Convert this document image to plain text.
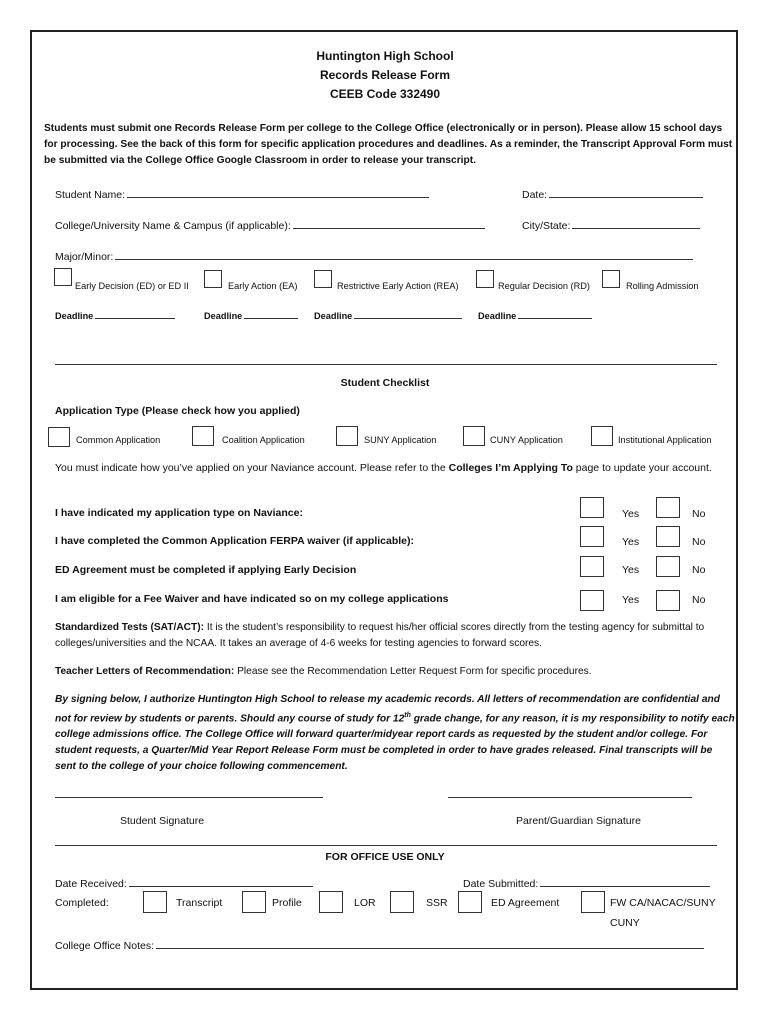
Huntington High School
Records Release Form
CEEB Code 332490
Students must submit one Records Release Form per college to the College Office (electronically or in person). Please allow 15 school days for processing. See the back of this form for specific application procedures and deadlines. As a reminder, the Transcript Approval Form must be submitted via the College Office Google Classroom in order to release your transcript.
Student Name:	Date:
College/University Name & Campus (if applicable):	City/State:
Major/Minor:
Early Decision (ED) or ED II	Early Action (EA)	Restrictive Early Action (REA)	Regular Decision (RD)	Rolling Admission
Deadline	Deadline	Deadline	Deadline
Student Checklist
Application Type (Please check how you applied)
Common Application	Coalition Application	SUNY Application	CUNY Application	Institutional Application
You must indicate how you’ve applied on your Naviance account. Please refer to the Colleges I’m Applying To page to update your account.
I have indicated my application type on Naviance:	Yes	No
I have completed the Common Application FERPA waiver (if applicable):	Yes	No
ED Agreement must be completed if applying Early Decision	Yes	No
I am eligible for a Fee Waiver and have indicated so on my college applications	Yes	No
Standardized Tests (SAT/ACT): It is the student’s responsibility to request his/her official scores directly from the testing agency for submittal to colleges/universities and the NCAA. It takes an average of 4-6 weeks for testing agencies to forward scores.
Teacher Letters of Recommendation: Please see the Recommendation Letter Request Form for specific procedures.
By signing below, I authorize Huntington High School to release my academic records. All letters of recommendation are confidential and not for review by students or parents. Should any course of study for 12th grade change, for any reason, it is my responsibility to notify each college admissions office. The College Office will forward quarter/midyear report cards as requested by the student and/or college. For student requests, a Quarter/Mid Year Report Release Form must be completed in order to have grades released. Final transcripts will be sent to the college of your choice following commencement.
Student Signature	Parent/Guardian Signature
FOR OFFICE USE ONLY
Date Received:	Date Submitted:
Completed:	Transcript	Profile	LOR	SSR	ED Agreement	FW CA/NACAC/SUNY
CUNY
College Office Notes:
